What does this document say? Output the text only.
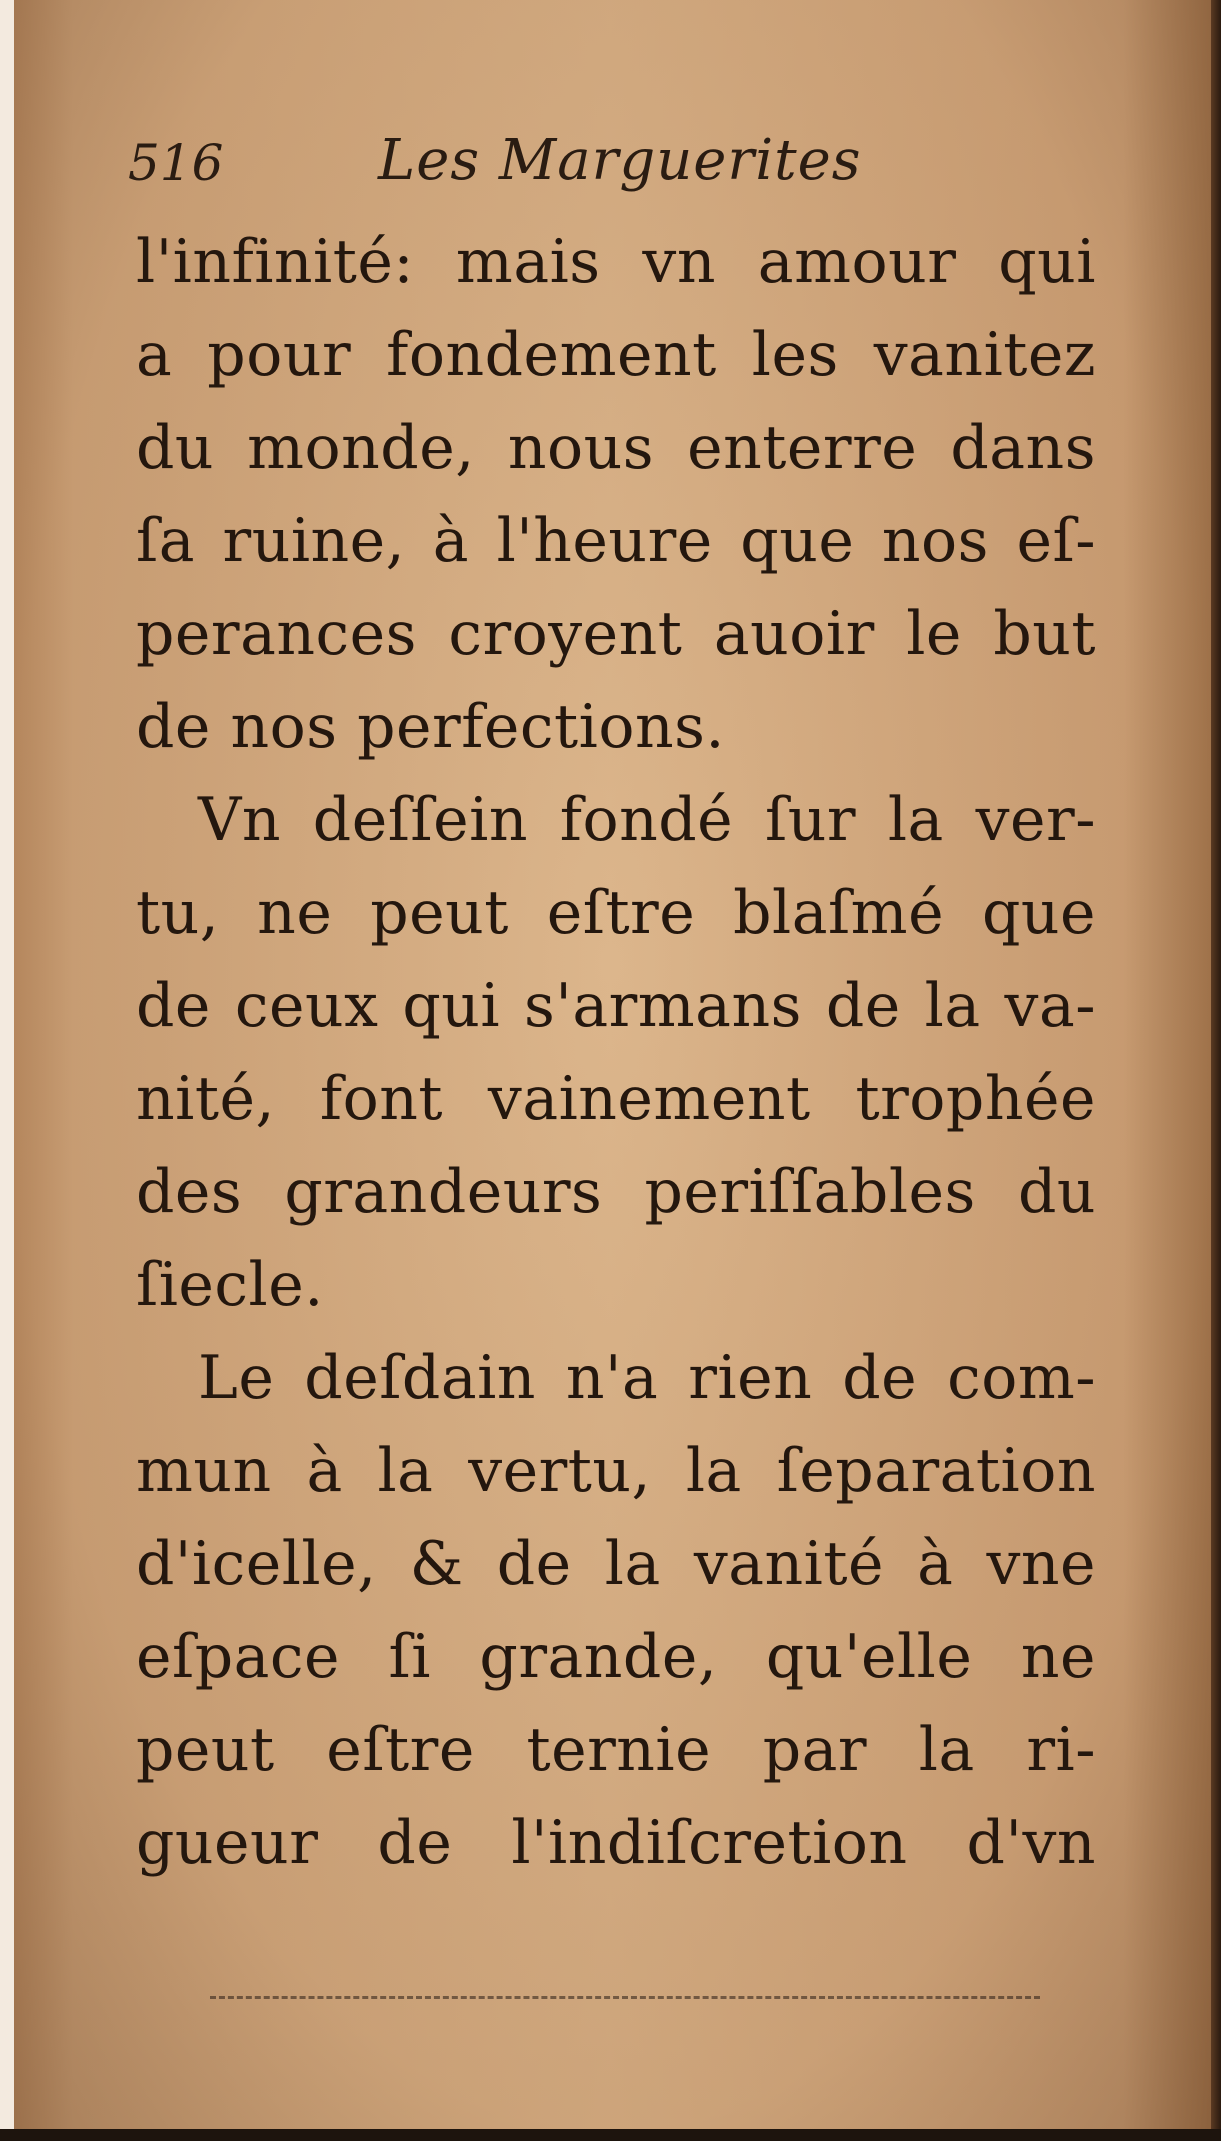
516	Les Marguerites
l'infinité: mais vn amour qui
a pour fondement les vanitez
du monde, nous enterre dans
ſa ruine, à l'heure que nos eſ-
perances croyent auoir le but
de nos perfections.
Vn deſſein fondé ſur la ver-
tu, ne peut eſtre blaſmé que
de ceux qui s'armans de la va-
nité, font vainement trophée
des grandeurs periſſables du
ſiecle.
Le deſdain n'a rien de com-
mun à la vertu, la ſeparation
d'icelle, & de la vanité à vne
eſpace ſi grande, qu'elle ne
peut eſtre ternie par la ri-
gueur de l'indiſcretion d'vn
